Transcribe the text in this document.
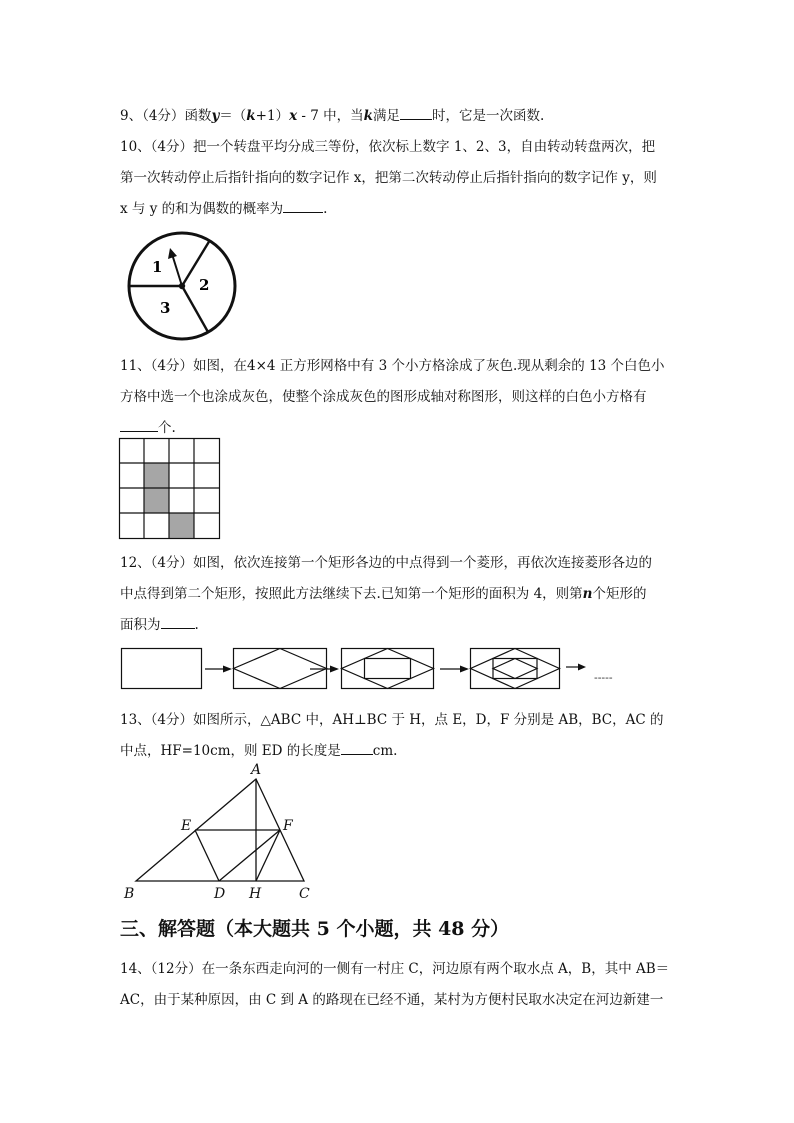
9、（4分）函数y＝（k+1）x - 7 中，当k满足 时，它是一次函数.
10、（4分）把一个转盘平均分成三等份，依次标上数字 1、2、3，自由转动转盘两次，把
第一次转动停止后指针指向的数字记作 x，把第二次转动停止后指针指向的数字记作 y，则
x 与 y 的和为偶数的概率为	.
1
2
3
11、（4分）如图，在4×4 正方形网格中有 3 个小方格涂成了灰色.现从剩余的 13 个白色小
方格中选一个也涂成灰色，使整个涂成灰色的图形成轴对称图形，则这样的白色小方格有
个.
12、（4分）如图，依次连接第一个矩形各边的中点得到一个菱形，再依次连接菱形各边的
中点得到第二个矩形，按照此方法继续下去.已知第一个矩形的面积为 4，则第n个矩形的
面积为	.
-----
13、（4分）如图所示，△ABC 中，AH⊥BC 于 H，点 E，D，F 分别是 AB，BC，AC 的
中点，HF=10cm，则 ED 的长度是 cm.
A
B	C
D
E	F
H
三、解答题（本大题共 5 个小题，共 48 分）
14、（12分）在一条东西走向河的一侧有一村庄 C，河边原有两个取水点 A，B，其中 AB＝
AC，由于某种原因，由 C 到 A 的路现在已经不通，某村为方便村民取水决定在河边新建一
